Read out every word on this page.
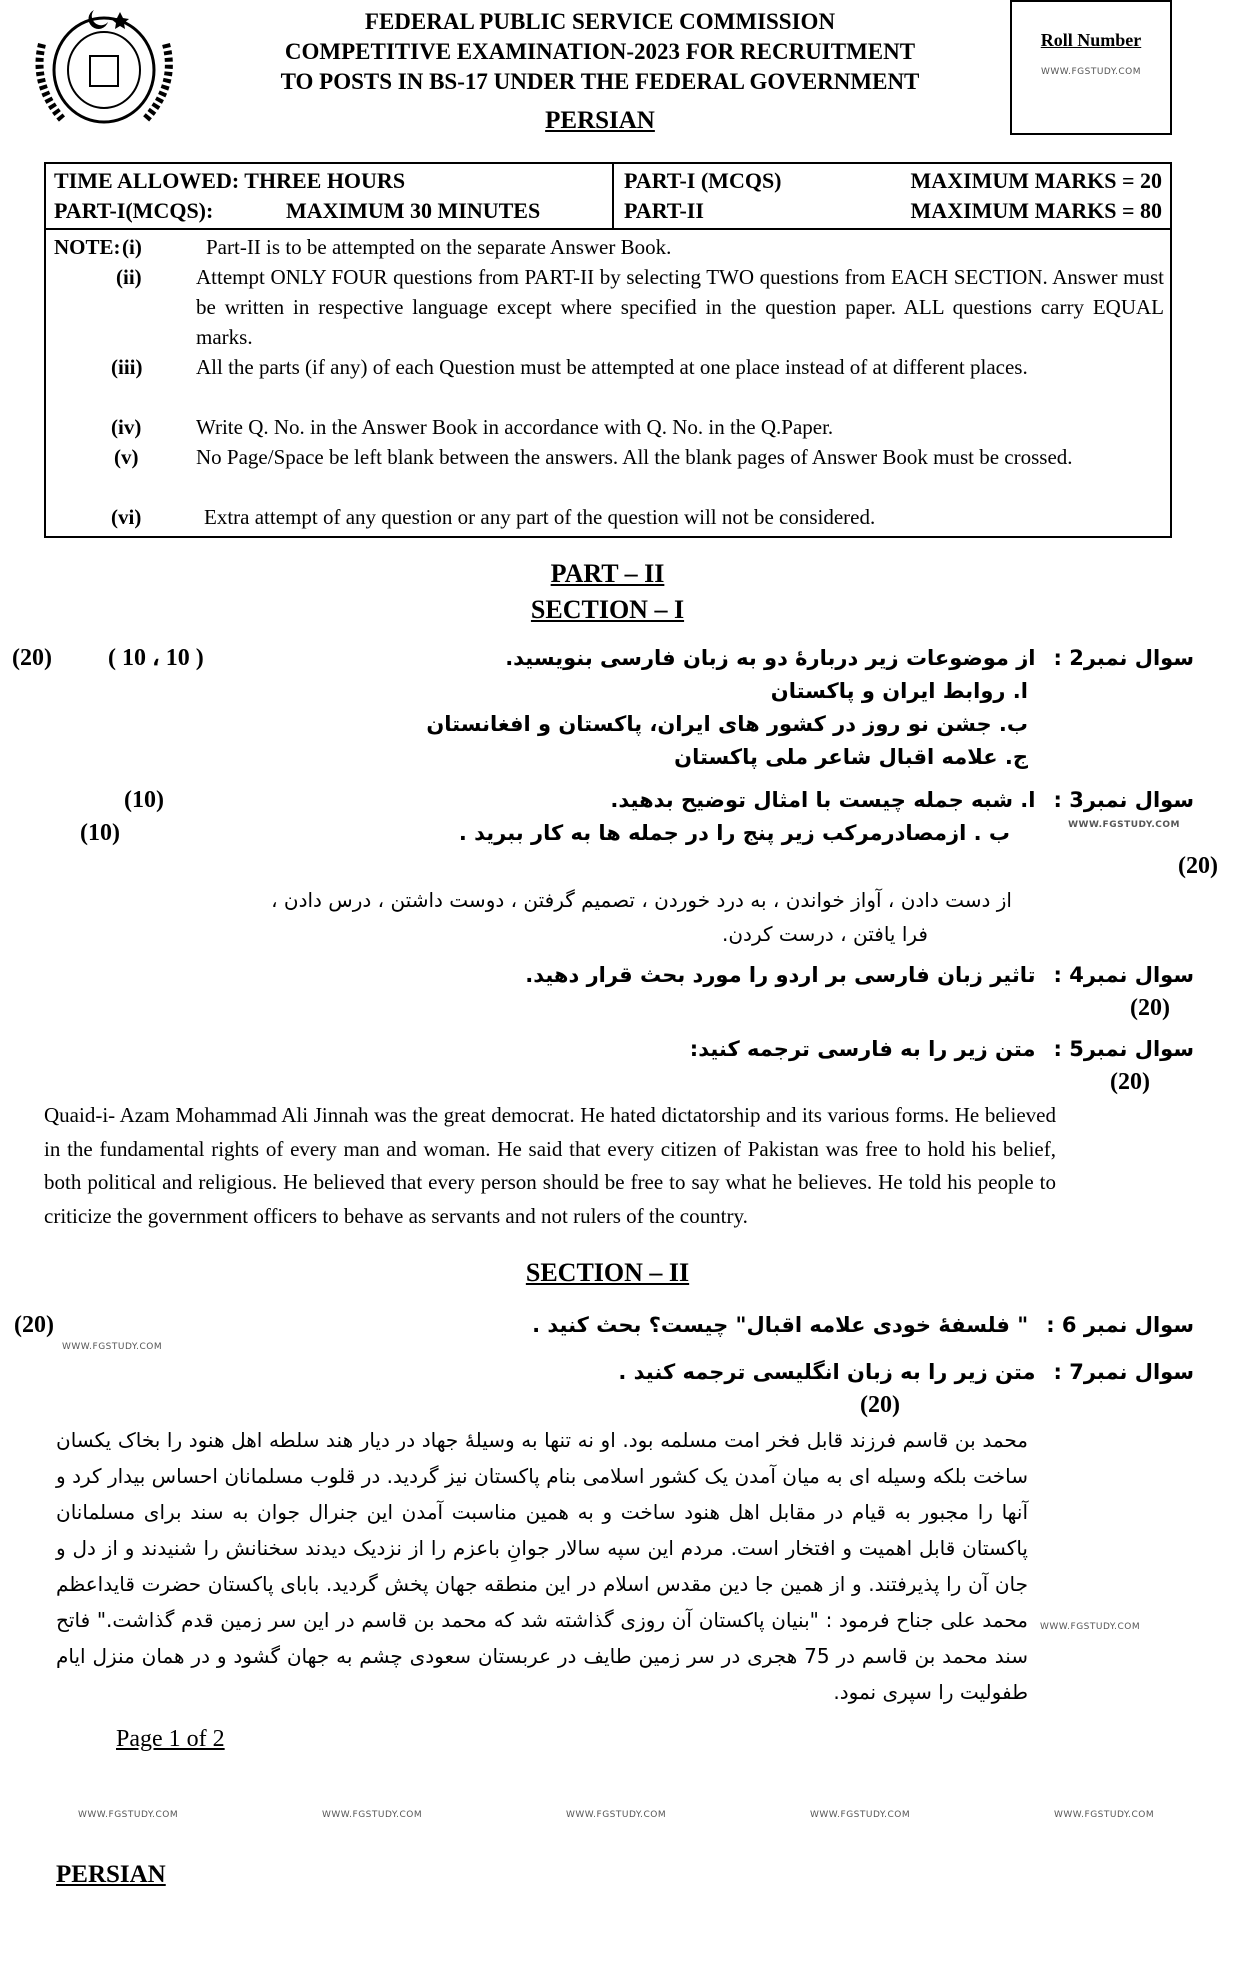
FEDERAL PUBLIC SERVICE COMMISSION
COMPETITIVE EXAMINATION-2023 FOR RECRUITMENT
TO POSTS IN BS-17 UNDER THE FEDERAL GOVERNMENT
PERSIAN
Roll Number
WWW.FGSTUDY.COM
TIME ALLOWED: THREE HOURS
PART-I(MCQS):	MAXIMUM 30 MINUTES
PART-I (MCQS)	MAXIMUM MARKS = 20
PART-II	MAXIMUM MARKS = 80
NOTE: (i)	Part-II is to be attempted on the separate Answer Book.
(ii)	Attempt ONLY FOUR questions from PART-II by selecting TWO questions from EACH SECTION. Answer must be written in respective language except where specified in the question paper. ALL questions carry EQUAL marks.
(iii)	All the parts (if any) of each Question must be attempted at one place instead of at different places.
(iv)	Write Q. No. in the Answer Book in accordance with Q. No. in the Q.Paper.
(v)	No Page/Space be left blank between the answers. All the blank pages of Answer Book must be crossed.
(vi)	Extra attempt of any question or any part of the question will not be considered.
PART – II
SECTION – I
سوال نمبر2 :
از موضوعات زیر دربارۀ دو به زبان فارسی بنویسید.
( 10 ، 10 )
(20)
ا. روابط ایران و پاکستان
ب. جشن نو روز در کشور های ایران، پاکستان و افغانستان
ج. علامه اقبال شاعر ملی پاکستان
سوال نمبر3 :
ا. شبه جمله چیست با امثال توضیح بدهید.
(10)
ب . ازمصادرمرکب زیر پنج را در جمله ها به کار ببرید .
(10)	WWW.FGSTUDY.COM
(20)
از دست دادن ، آواز خواندن ، به درد خوردن ، تصمیم گرفتن ، دوست داشتن ، درس دادن ،
فرا یافتن ، درست کردن.
سوال نمبر4 :
تاثیر زبان فارسی بر اردو را مورد بحث قرار دهید.
(20)
سوال نمبر5 :
متن زیر را به فارسی ترجمه کنید:
(20)
Quaid-i- Azam Mohammad Ali Jinnah was the great democrat. He hated dictatorship and its various forms. He believed in the fundamental rights of every man and woman. He said that every citizen of Pakistan was free to hold his belief, both political and religious. He believed that every person should be free to say what he believes. He told his people to criticize the government officers to behave as servants and not rulers of the country.
SECTION – II
سوال نمبر 6 :
" فلسفۀ خودی علامه اقبال" چیست؟ بحث کنید .
(20)
WWW.FGSTUDY.COM
سوال نمبر7 :
متن زیر را به زبان انگلیسی ترجمه کنید .
(20)
محمد بن قاسم فرزند قابل فخر امت مسلمه بود. او نه تنها به وسیلۀ جهاد در دیار هند سلطه اهل هنود را بخاک یکسان ساخت بلکه وسیله ای به میان آمدن یک کشور اسلامی بنام پاکستان نیز گردید. در قلوب مسلمانان احساس بیدار کرد و آنها را مجبور به قیام در مقابل اهل هنود ساخت و به همین مناسبت آمدن این جنرال جوان به سند برای مسلمانان پاکستان قابل اهمیت و افتخار است. مردم این سپه سالار جوانِ باعزم را از نزدیک دیدند سخنانش را شنیدند و از دل و جان آن را پذیرفتند. و از همین جا دین مقدس اسلام در این منطقه جهان پخش گردید. بابای پاکستان حضرت قایداعظم محمد علی جناح فرمود : "بنیان پاکستان آن روزی گذاشته شد که محمد بن قاسم در این سر زمین قدم گذاشت." فاتح سند محمد بن قاسم در 75 هجری در سر زمین طایف در عربستان سعودی چشم به جهان گشود و در همان منزل ایام طفولیت را سپری نمود.
WWW.FGSTUDY.COM
Page 1 of 2
WWW.FGSTUDY.COM	WWW.FGSTUDY.COM	WWW.FGSTUDY.COM	WWW.FGSTUDY.COM	WWW.FGSTUDY.COM
PERSIAN
